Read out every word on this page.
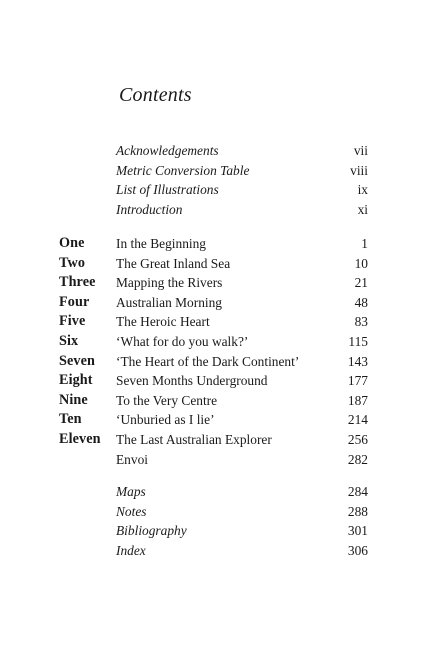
Contents
Acknowledgements	vii
Metric Conversion Table	viii
List of Illustrations	ix
Introduction	xi
One In the Beginning	1
Two The Great Inland Sea	10
Three Mapping the Rivers	21
Four Australian Morning	48
Five The Heroic Heart	83
Six	‘What for do you walk?’	115
Seven ‘The Heart of the Dark Continent’	143
Eight Seven Months Underground	177
Nine To the Very Centre	187
Ten	‘Unburied as I lie’	214
Eleven The Last Australian Explorer	256
Envoi	282
Maps	284
Notes	288
Bibliography	301
Index	306
